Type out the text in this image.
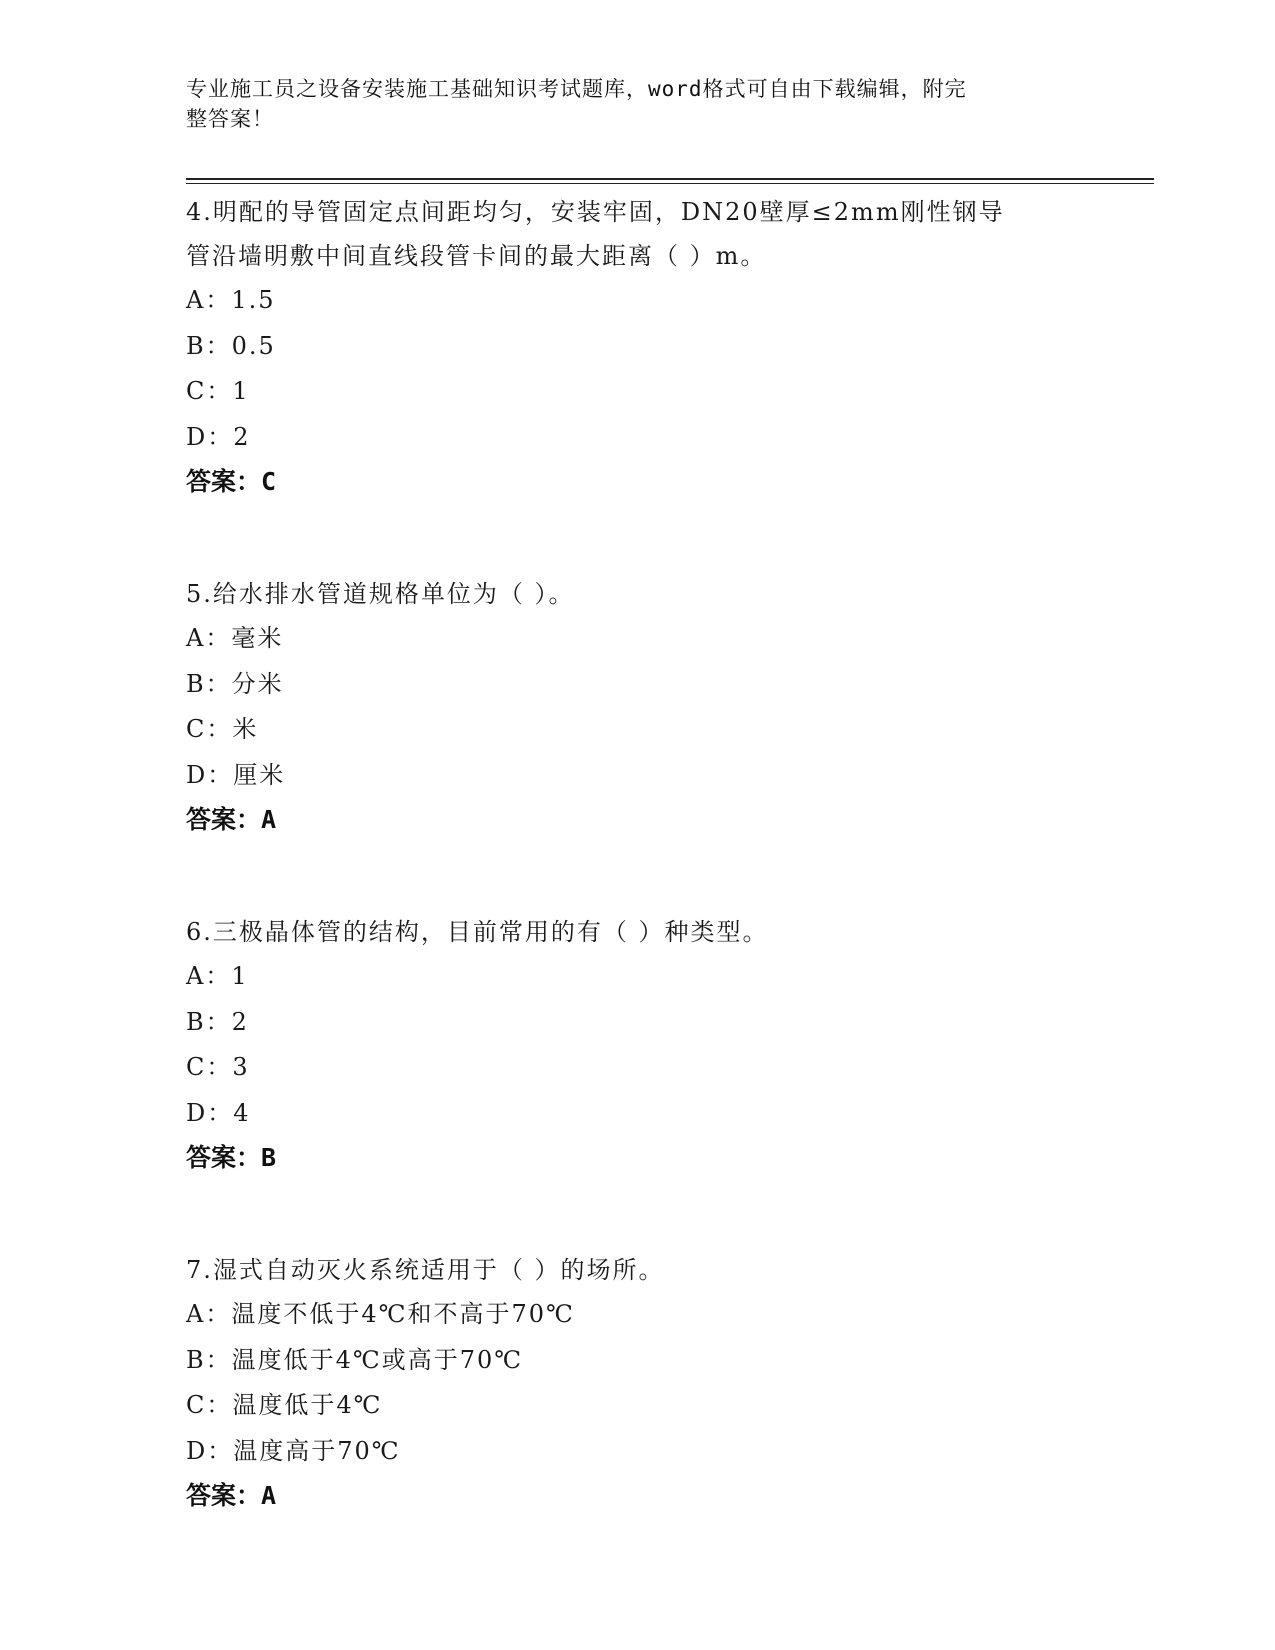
专业施工员之设备安装施工基础知识考试题库，word格式可自由下载编辑，附完
整答案！

4.明配的导管固定点间距均匀，安装牢固，DN20壁厚≤2mm刚性钢导

管沿墙明敷中间直线段管卡间的最大距离（ ）m。

A：1.5

B：0.5

C：1

D：2

答案：C

5.给水排水管道规格单位为（ ）。

A：毫米

B：分米

C：米

D：厘米

答案：A

6.三极晶体管的结构，目前常用的有（ ）种类型。

A：1

B：2

C：3

D：4

答案：B

7.湿式自动灭火系统适用于（ ）的场所。

A：温度不低于4℃和不高于70℃

B：温度低于4℃或高于70℃

C：温度低于4℃

D：温度高于70℃

答案：A
